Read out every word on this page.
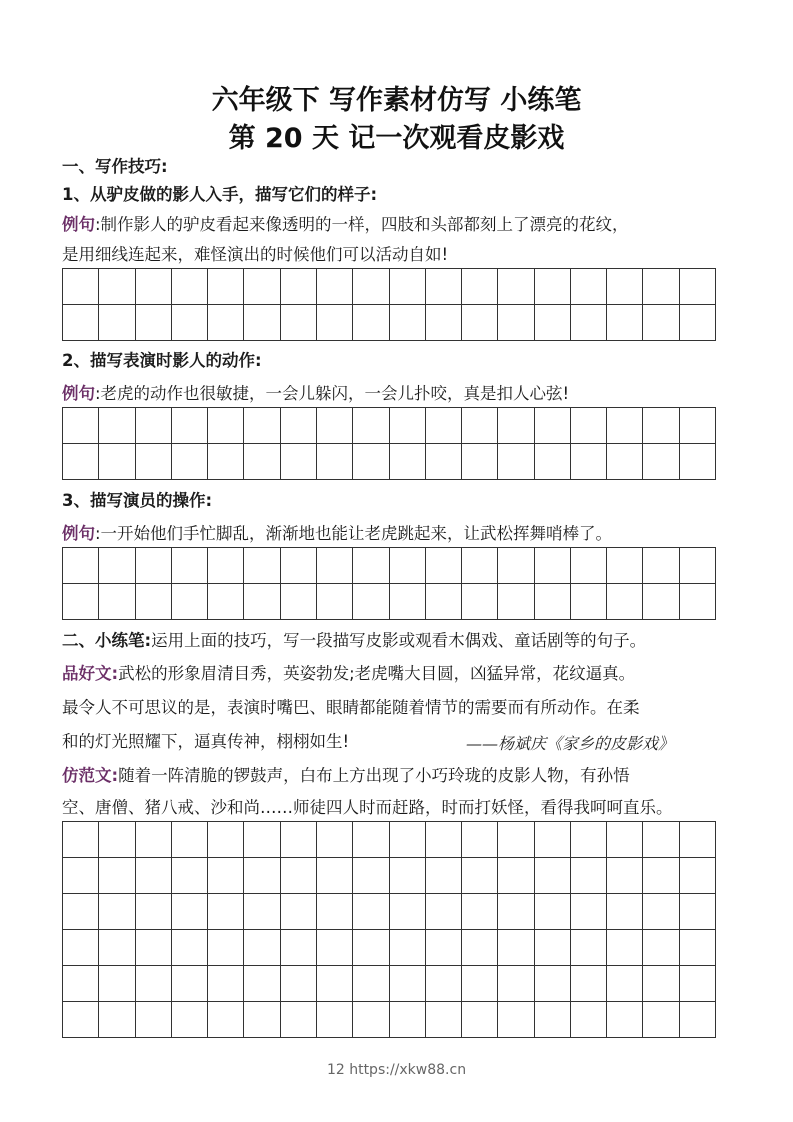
六年级下 写作素材仿写 小练笔
第 20 天 记一次观看皮影戏
一、写作技巧:
1、从驴皮做的影人入手，描写它们的样子:
例句:制作影人的驴皮看起来像透明的一样，四肢和头部都刻上了漂亮的花纹，
是用细线连起来，难怪演出的时候他们可以活动自如!
2、描写表演时影人的动作:
例句:老虎的动作也很敏捷，一会儿躲闪，一会儿扑咬，真是扣人心弦!
3、描写演员的操作:
例句:一开始他们手忙脚乱，渐渐地也能让老虎跳起来，让武松挥舞哨棒了。
二、小练笔:运用上面的技巧，写一段描写皮影或观看木偶戏、童话剧等的句子。
品好文:武松的形象眉清目秀，英姿勃发;老虎嘴大目圆，凶猛异常，花纹逼真。
最令人不可思议的是，表演时嘴巴、眼睛都能随着情节的需要而有所动作。在柔
和的灯光照耀下，逼真传神，栩栩如生!	——杨斌庆《家乡的皮影戏》
仿范文:随着一阵清脆的锣鼓声，白布上方出现了小巧玲珑的皮影人物，有孙悟
空、唐僧、猪八戒、沙和尚……师徒四人时而赶路，时而打妖怪，看得我呵呵直乐。
12 https://xkw88.cn
